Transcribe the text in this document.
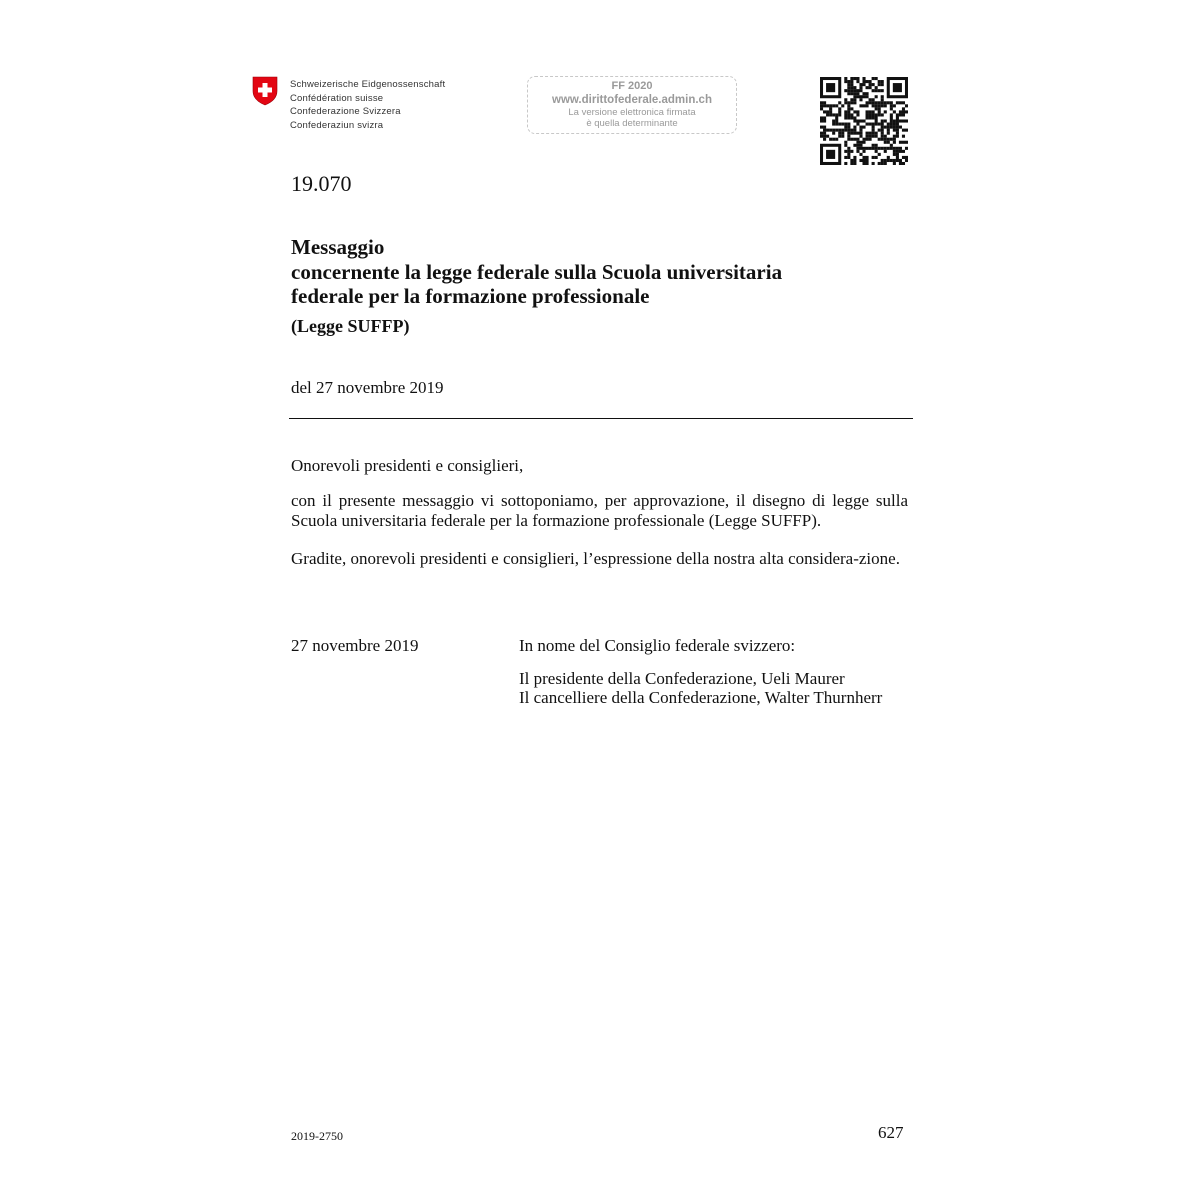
Schweizerische Eidgenossenschaft
Confédération suisse
Confederazione Svizzera
Confederaziun svizra
FF 2020
www.dirittofederale.admin.ch
La versione elettronica firmata
è quella determinante
19.070
Messaggio
concernente la legge federale sulla Scuola universitaria
federale per la formazione professionale
(Legge SUFFP)
del 27 novembre 2019
Onorevoli presidenti e consiglieri,
con il presente messaggio vi sottoponiamo, per approvazione, il disegno di legge sulla Scuola universitaria federale per la formazione professionale (Legge SUFFP).
Gradite, onorevoli presidenti e consiglieri, l’espressione della nostra alta considera-zione.
27 novembre 2019	In nome del Consiglio federale svizzero:
Il presidente della Confederazione, Ueli Maurer
Il cancelliere della Confederazione, Walter Thurnherr
2019-2750	627
